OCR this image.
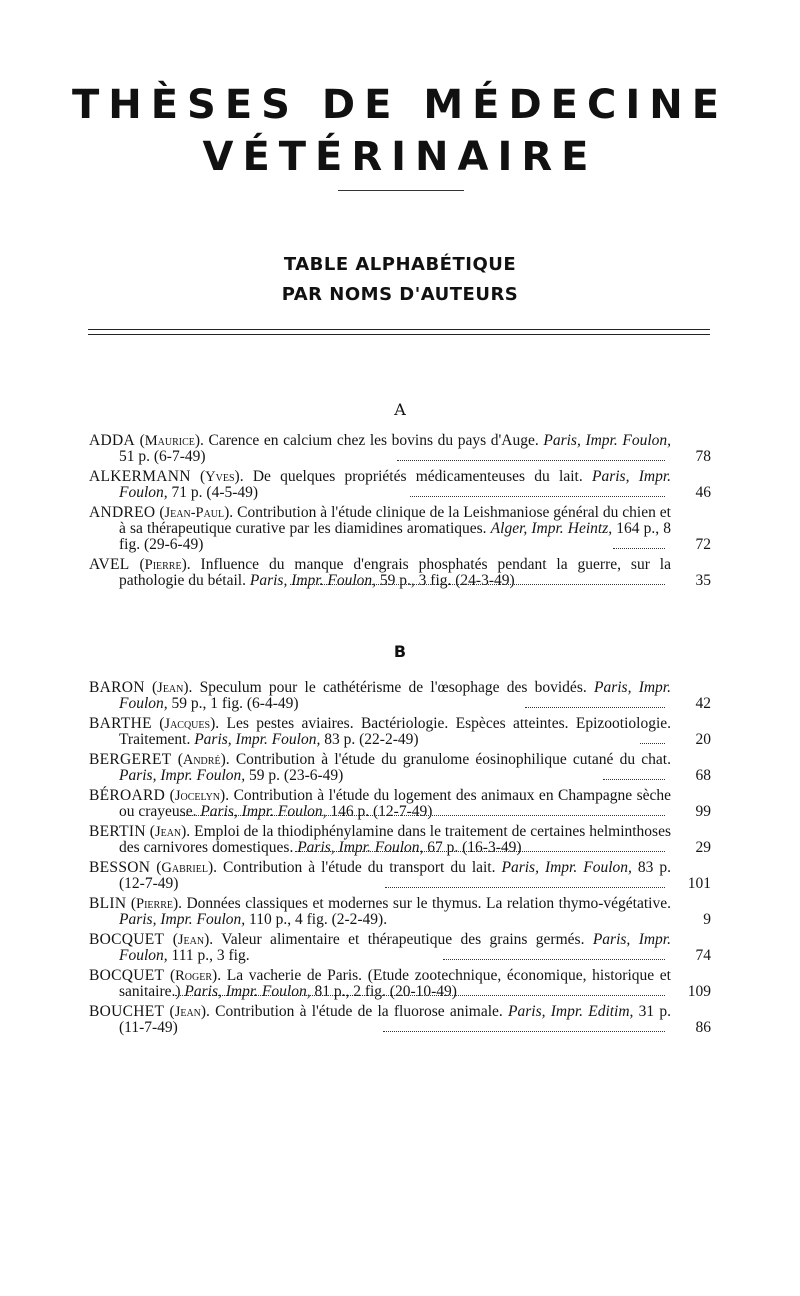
THÈSES DE MÉDECINE
VÉTÉRINAIRE
TABLE ALPHABÉTIQUE
PAR NOMS D'AUTEURS
A

ADDA (Maurice). Carence en calcium chez les bovins du pays d'Auge. Paris, Impr. Foulon, 51 p. (6-7-49)	78

ALKERMANN (Yves). De quelques propriétés médicamenteuses du lait. Paris, Impr. Foulon, 71 p. (4-5-49)	46

ANDREO (Jean-Paul). Contribution à l'étude clinique de la Leishmaniose général du chien et à sa thérapeutique curative par les diamidines aromatiques. Alger, Impr. Heintz, 164 p., 8 fig. (29-6-49)	72

AVEL (Pierre). Influence du manque d'engrais phosphatés pendant la guerre, sur la pathologie du bétail. Paris, Impr. Foulon, 59 p., 3 fig. (24-3-49)	35
B

BARON (Jean). Speculum pour le cathétérisme de l'œsophage des bovidés. Paris, Impr. Foulon, 59 p., 1 fig. (6-4-49)	42

BARTHE (Jacques). Les pestes aviaires. Bactériologie. Espèces atteintes. Epizootiologie. Traitement. Paris, Impr. Foulon, 83 p. (22-2-49)	20

BERGERET (André). Contribution à l'étude du granulome éosinophilique cutané du chat. Paris, Impr. Foulon, 59 p. (23-6-49)	68

BÉROARD (Jocelyn). Contribution à l'étude du logement des animaux en Champagne sèche ou crayeuse. Paris, Impr. Foulon, 146 p. (12-7-49)	99

BERTIN (Jean). Emploi de la thiodiphénylamine dans le traitement de certaines helminthoses des carnivores domestiques. Paris, Impr. Foulon, 67 p. (16-3-49)	29

BESSON (Gabriel). Contribution à l'étude du transport du lait. Paris, Impr. Foulon, 83 p. (12-7-49)	101

BLIN (Pierre). Données classiques et modernes sur le thymus. La relation thymo-végétative. Paris, Impr. Foulon, 110 p., 4 fig. (2-2-49).	9

BOCQUET (Jean). Valeur alimentaire et thérapeutique des grains germés. Paris, Impr. Foulon, 111 p., 3 fig.	74

BOCQUET (Roger). La vacherie de Paris. (Etude zootechnique, économique, historique et sanitaire.) Paris, Impr. Foulon, 81 p., 2 fig. (20-10-49)	109

BOUCHET (Jean). Contribution à l'étude de la fluorose animale. Paris, Impr. Editim, 31 p. (11-7-49)	86
